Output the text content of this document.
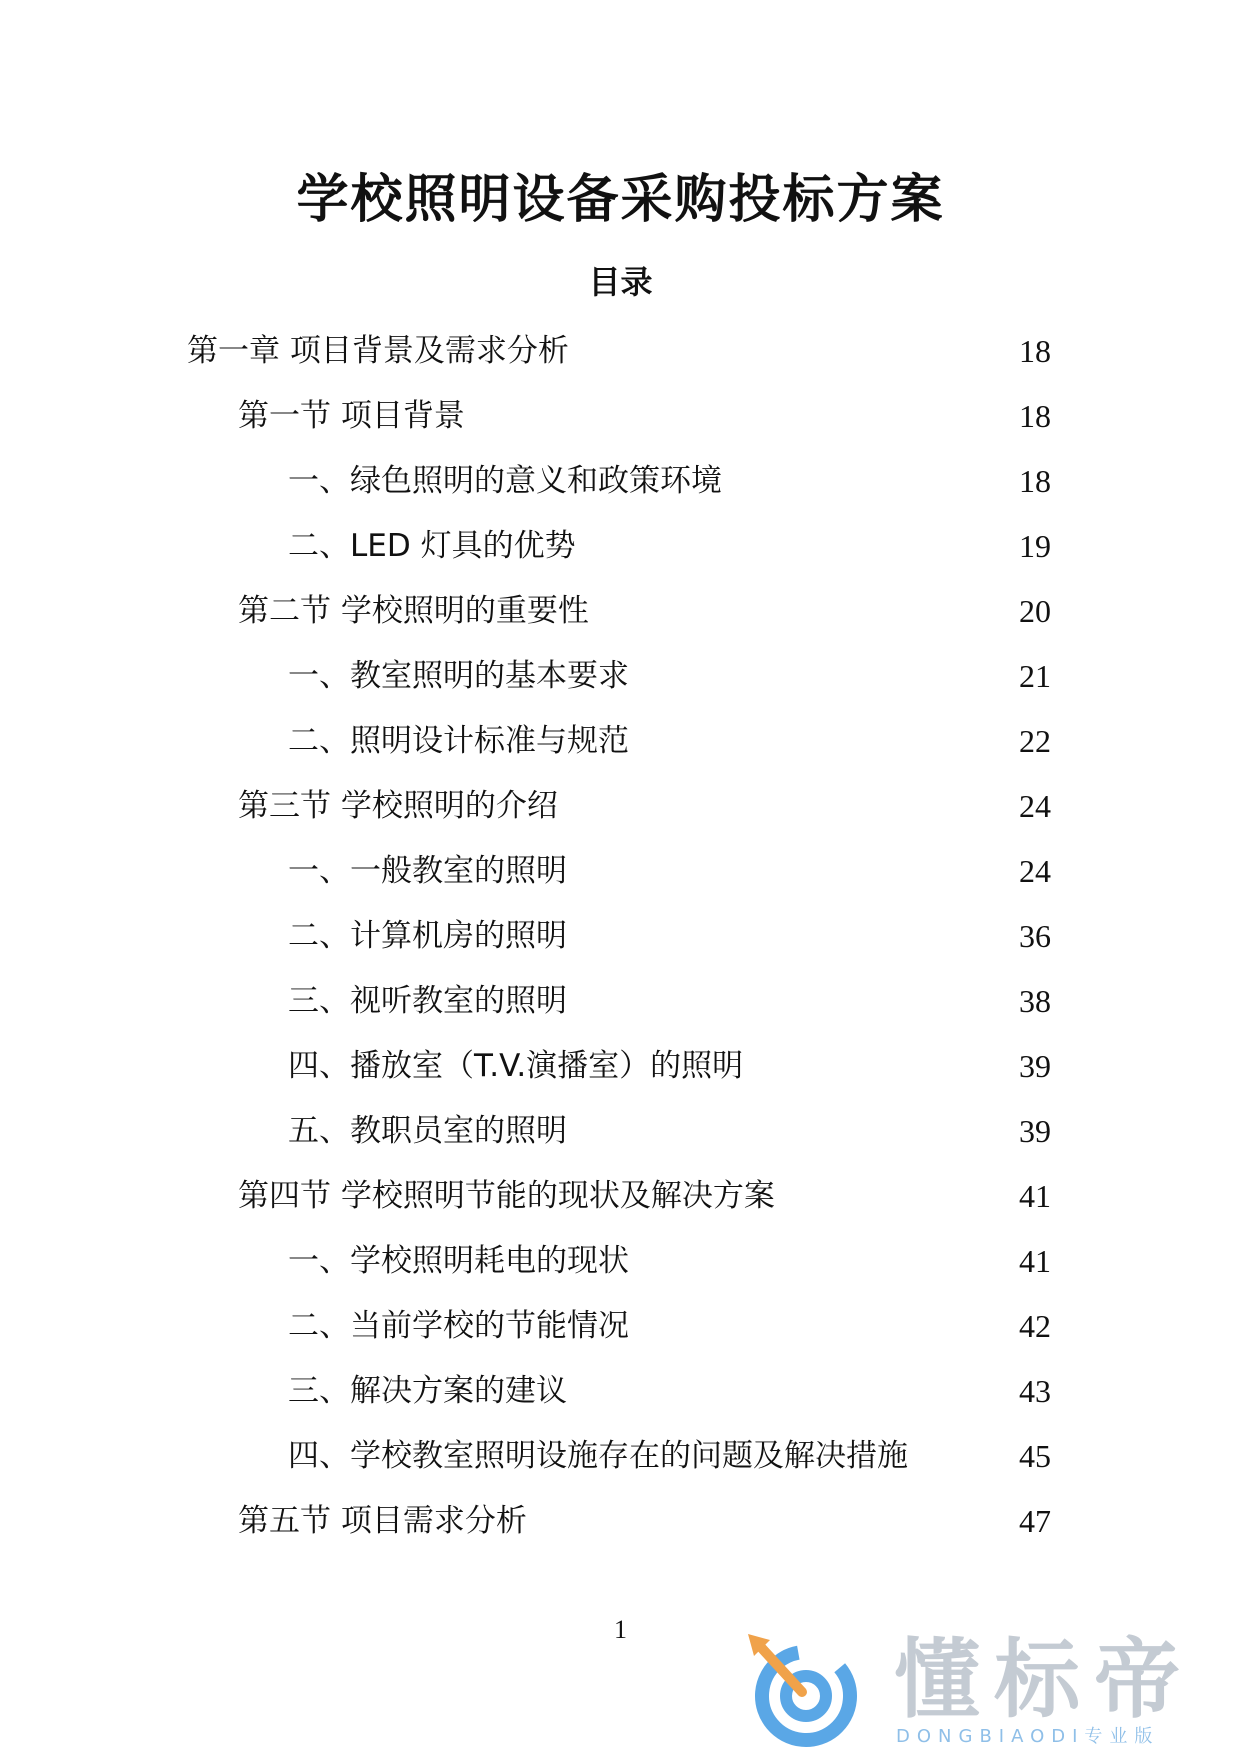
学校照明设备采购投标方案
目录
第一章 项目背景及需求分析	18
第一节 项目背景	18
一、绿色照明的意义和政策环境	18
二、LED 灯具的优势	19
第二节 学校照明的重要性	20
一、教室照明的基本要求	21
二、照明设计标准与规范	22
第三节 学校照明的介绍	24
一、一般教室的照明	24
二、计算机房的照明	36
三、视听教室的照明	38
四、播放室（T.V.演播室）的照明	39
五、教职员室的照明	39
第四节 学校照明节能的现状及解决方案	41
一、学校照明耗电的现状	41
二、当前学校的节能情况	42
三、解决方案的建议	43
四、学校教室照明设施存在的问题及解决措施	45
第五节 项目需求分析	47
1
懂标帝
DONGBIAODI专业版
